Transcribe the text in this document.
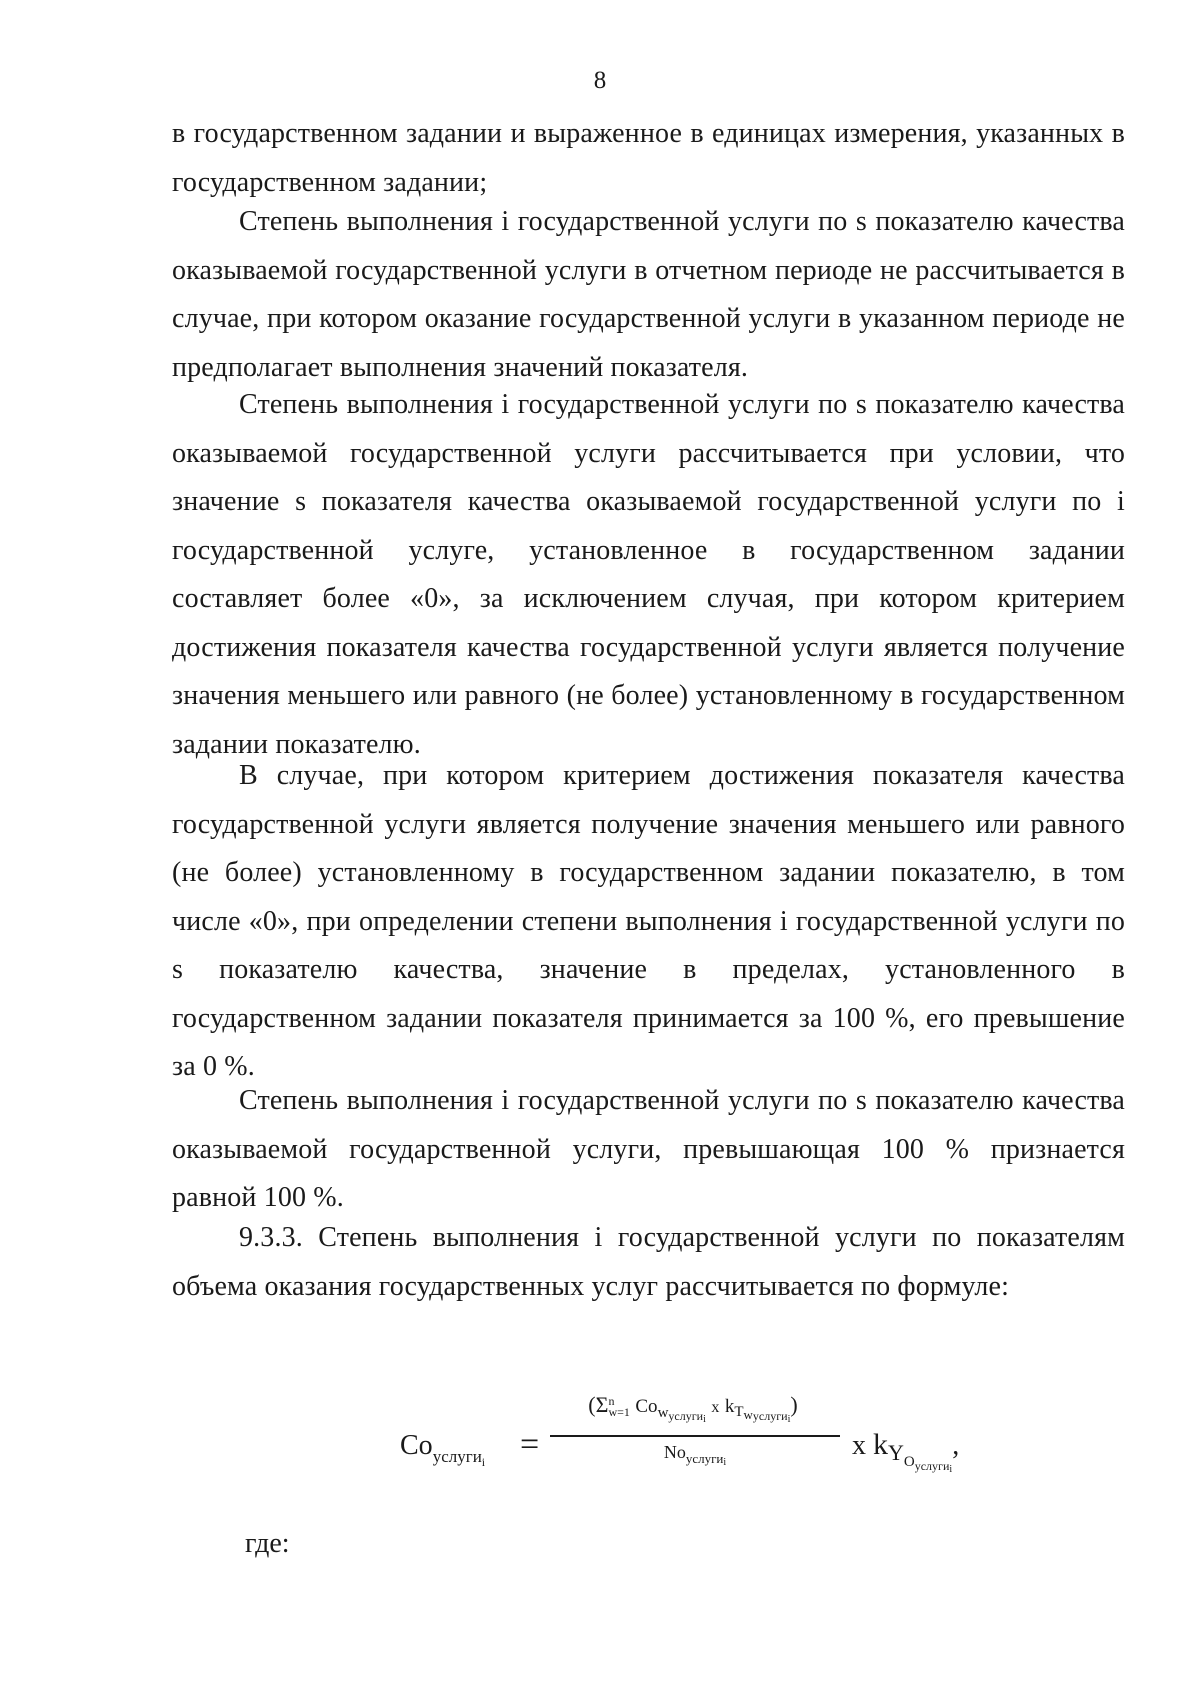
8

в государственном задании и выраженное в единицах измерения, указанных в государственном задании;

Степень выполнения i государственной услуги по s показателю качества оказываемой государственной услуги в отчетном периоде не рассчитывается в случае, при котором оказание государственной услуги в указанном периоде не предполагает выполнения значений показателя.

Степень выполнения i государственной услуги по s показателю качества оказываемой государственной услуги рассчитывается при условии, что значение s показателя качества оказываемой государственной услуги по i государственной услуге, установленное в государственном задании составляет более «0», за исключением случая, при котором критерием достижения показателя качества государственной услуги является получение значения меньшего или равного (не более) установленному в государственном задании показателю.

В случае, при котором критерием достижения показателя качества государственной услуги является получение значения меньшего или равного (не более) установленному в государственном задании показателю, в том числе «0», при определении степени выполнения i государственной услуги по s показателю качества, значение в пределах, установленного в государственном задании показателя принимается за 100 %, его превышение за 0 %.

Степень выполнения i государственной услуги по s показателю качества оказываемой государственной услуги, превышающая 100 % признается равной 100 %.

9.3.3. Степень выполнения i государственной услуги по показателям объема оказания государственных услуг рассчитывается по формуле:

$Co_{услуги_i}$ =
(Σ n
w=1 $Co_{w_{услугиi}}$ x kTw$_{услугиi}$)
$No_{услугиi}$
x $k_{YOуслугиi}$,
где:
